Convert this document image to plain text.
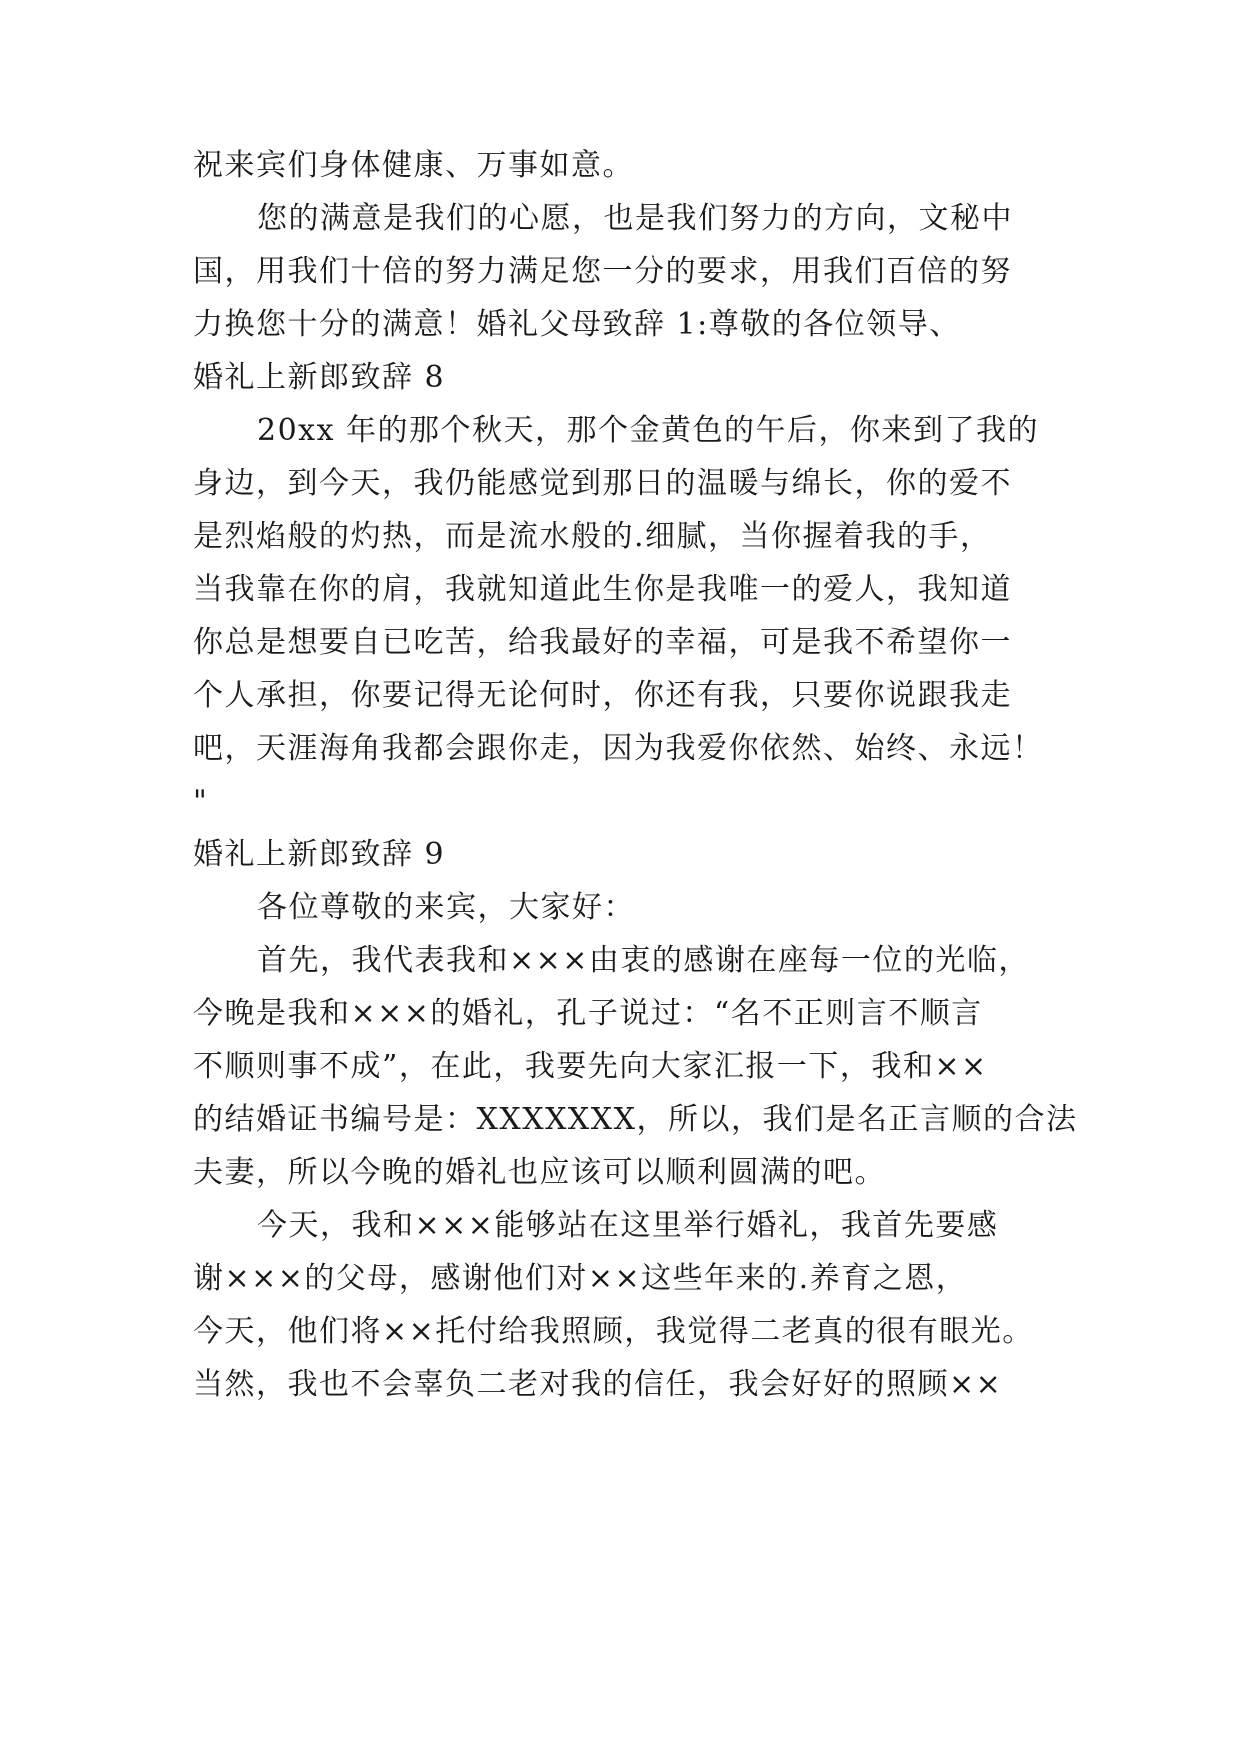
祝来宾们身体健康、万事如意。
您的满意是我们的心愿，也是我们努力的方向，文秘中
国，用我们十倍的努力满足您一分的要求，用我们百倍的努
力换您十分的满意！婚礼父母致辞 1:尊敬的各位领导、
婚礼上新郎致辞 8
20xx 年的那个秋天，那个金黄色的午后，你来到了我的
身边，到今天，我仍能感觉到那日的温暖与绵长，你的爱不
是烈焰般的灼热，而是流水般的.细腻，当你握着我的手，
当我靠在你的肩，我就知道此生你是我唯一的爱人，我知道
你总是想要自已吃苦，给我最好的幸福，可是我不希望你一
个人承担，你要记得无论何时，你还有我，只要你说跟我走
吧，天涯海角我都会跟你走，因为我爱你依然、始终、永远！
"
婚礼上新郎致辞 9
各位尊敬的来宾，大家好：
首先，我代表我和×××由衷的感谢在座每一位的光临，
今晚是我和×××的婚礼，孔子说过：“名不正则言不顺言
不顺则事不成”，在此，我要先向大家汇报一下，我和××
的结婚证书编号是：XXXXXXX，所以，我们是名正言顺的合法
夫妻，所以今晚的婚礼也应该可以顺利圆满的吧。
今天，我和×××能够站在这里举行婚礼，我首先要感
谢×××的父母，感谢他们对××这些年来的.养育之恩，
今天，他们将××托付给我照顾，我觉得二老真的很有眼光。
当然，我也不会辜负二老对我的信任，我会好好的照顾××
